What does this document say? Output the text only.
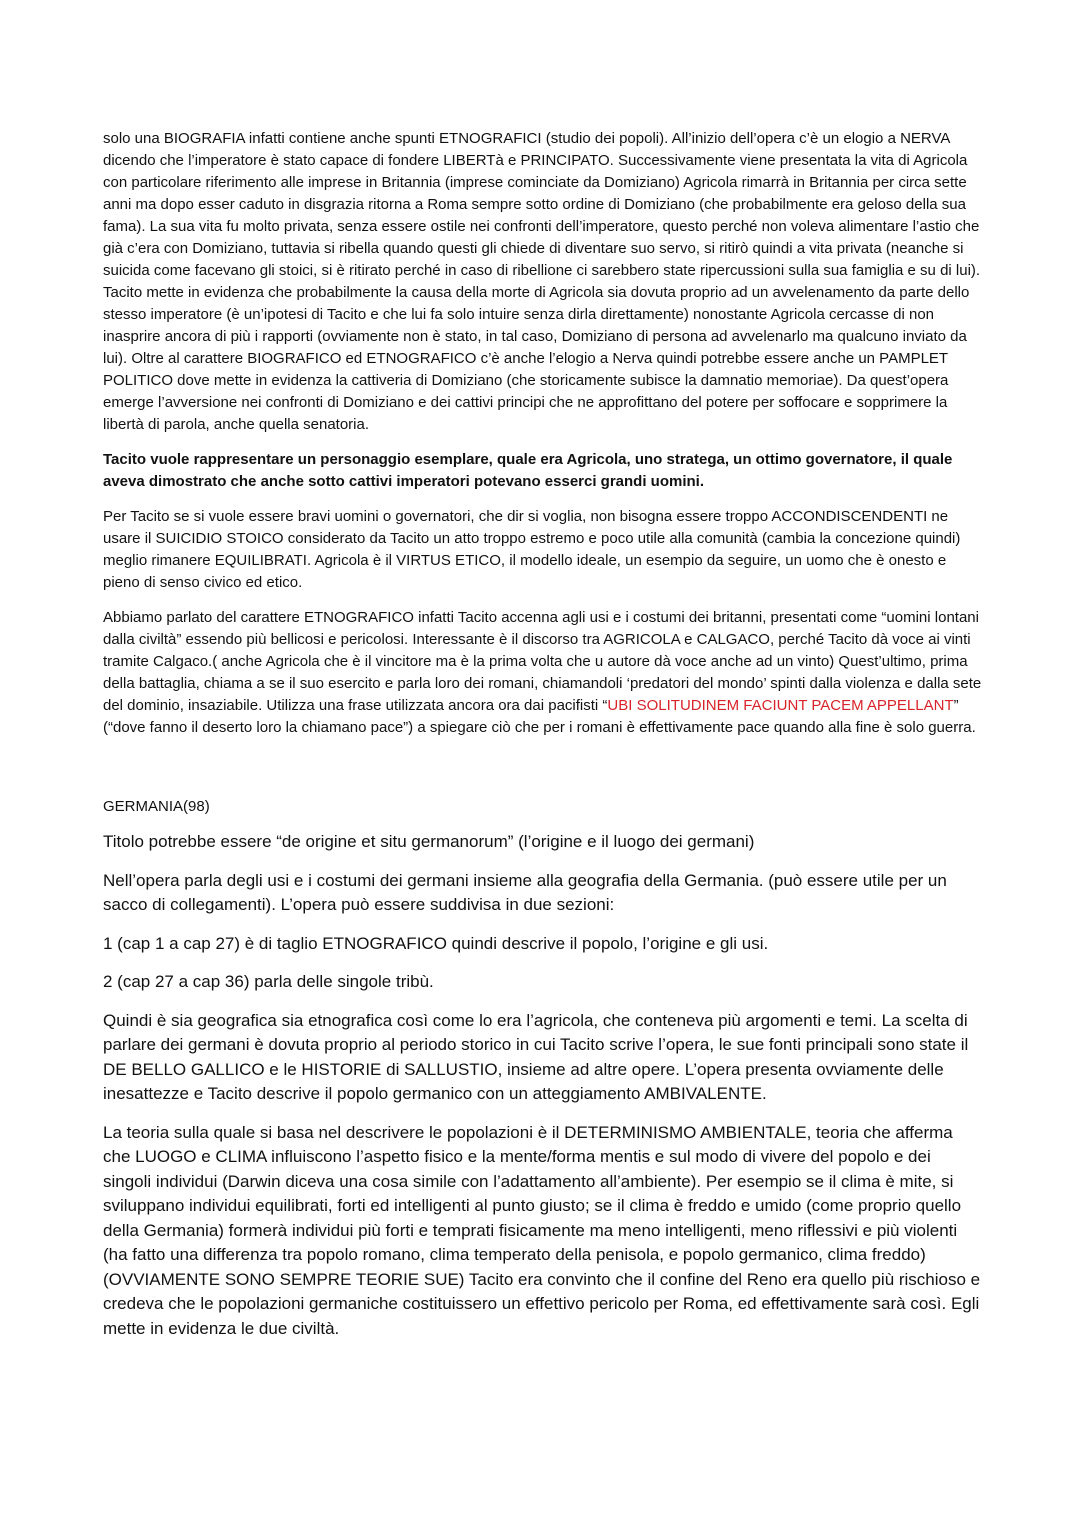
solo una BIOGRAFIA infatti contiene anche spunti ETNOGRAFICI (studio dei popoli). All’inizio dell’opera c’è un elogio a NERVA dicendo che l’imperatore è stato capace di fondere LIBERTà e PRINCIPATO. Successivamente viene presentata la vita di Agricola con particolare riferimento alle imprese in Britannia (imprese cominciate da Domiziano) Agricola rimarrà in Britannia per circa sette anni ma dopo esser caduto in disgrazia ritorna a Roma sempre sotto ordine di Domiziano (che probabilmente era geloso della sua fama). La sua vita fu molto privata, senza essere ostile nei confronti dell’imperatore, questo perché non voleva alimentare l’astio che già c’era con Domiziano, tuttavia si ribella quando questi gli chiede di diventare suo servo, si ritirò quindi a vita privata (neanche si suicida come facevano gli stoici, si è ritirato perché in caso di ribellione ci sarebbero state ripercussioni sulla sua famiglia e su di lui). Tacito mette in evidenza che probabilmente la causa della morte di Agricola sia dovuta proprio ad un avvelenamento da parte dello stesso imperatore (è un’ipotesi di Tacito e che lui fa solo intuire senza dirla direttamente) nonostante Agricola cercasse di non inasprire ancora di più i rapporti (ovviamente non è stato, in tal caso, Domiziano di persona ad avvelenarlo ma qualcuno inviato da lui). Oltre al carattere BIOGRAFICO ed ETNOGRAFICO c’è anche l’elogio a Nerva quindi potrebbe essere anche un PAMPLET POLITICO dove mette in evidenza la cattiveria di Domiziano (che storicamente subisce la damnatio memoriae). Da quest’opera emerge l’avversione nei confronti di Domiziano e dei cattivi principi che ne approfittano del potere per soffocare e sopprimere la libertà di parola, anche quella senatoria.

Tacito vuole rappresentare un personaggio esemplare, quale era Agricola, uno stratega, un ottimo governatore, il quale aveva dimostrato che anche sotto cattivi imperatori potevano esserci grandi uomini.

Per Tacito se si vuole essere bravi uomini o governatori, che dir si voglia, non bisogna essere troppo ACCONDISCENDENTI ne usare il SUICIDIO STOICO considerato da Tacito un atto troppo estremo e poco utile alla comunità (cambia la concezione quindi) meglio rimanere EQUILIBRATI. Agricola è il VIRTUS ETICO, il modello ideale, un esempio da seguire, un uomo che è onesto e pieno di senso civico ed etico.

Abbiamo parlato del carattere ETNOGRAFICO infatti Tacito accenna agli usi e i costumi dei britanni, presentati come “uomini lontani dalla civiltà” essendo più bellicosi e pericolosi. Interessante è il discorso tra AGRICOLA e CALGACO, perché Tacito dà voce ai vinti tramite Calgaco.( anche Agricola che è il vincitore ma è la prima volta che u autore dà voce anche ad un vinto) Quest’ultimo, prima della battaglia, chiama a se il suo esercito e parla loro dei romani, chiamandoli ‘predatori del mondo’ spinti dalla violenza e dalla sete del dominio, insaziabile. Utilizza una frase utilizzata ancora ora dai pacifisti “UBI SOLITUDINEM FACIUNT PACEM APPELLANT” (“dove fanno il deserto loro la chiamano pace”) a spiegare ciò che per i romani è effettivamente pace quando alla fine è solo guerra.

GERMANIA(98)

Titolo potrebbe essere “de origine et situ germanorum” (l’origine e il luogo dei germani)

Nell’opera parla degli usi e i costumi dei germani insieme alla geografia della Germania. (può essere utile per un sacco di collegamenti). L’opera può essere suddivisa in due sezioni:

1 (cap 1 a cap 27) è di taglio ETNOGRAFICO quindi descrive il popolo, l’origine e gli usi.

2 (cap 27 a cap 36) parla delle singole tribù.

Quindi è sia geografica sia etnografica così come lo era l’agricola, che conteneva più argomenti e temi. La scelta di parlare dei germani è dovuta proprio al periodo storico in cui Tacito scrive l’opera, le sue fonti principali sono state il DE BELLO GALLICO e le HISTORIE di SALLUSTIO, insieme ad altre opere. L’opera presenta ovviamente delle inesattezze e Tacito descrive il popolo germanico con un atteggiamento AMBIVALENTE.

La teoria sulla quale si basa nel descrivere le popolazioni è il DETERMINISMO AMBIENTALE, teoria che afferma che LUOGO e CLIMA influiscono l’aspetto fisico e la mente/forma mentis e sul modo di vivere del popolo e dei singoli individui (Darwin diceva una cosa simile con l’adattamento all’ambiente). Per esempio se il clima è mite, si sviluppano individui equilibrati, forti ed intelligenti al punto giusto; se il clima è freddo e umido (come proprio quello della Germania) formerà individui più forti e temprati fisicamente ma meno intelligenti, meno riflessivi e più violenti (ha fatto una differenza tra popolo romano, clima temperato della penisola, e popolo germanico, clima freddo) (OVVIAMENTE SONO SEMPRE TEORIE SUE) Tacito era convinto che il confine del Reno era quello più rischioso e credeva che le popolazioni germaniche costituissero un effettivo pericolo per Roma, ed effettivamente sarà così. Egli mette in evidenza le due civiltà.
